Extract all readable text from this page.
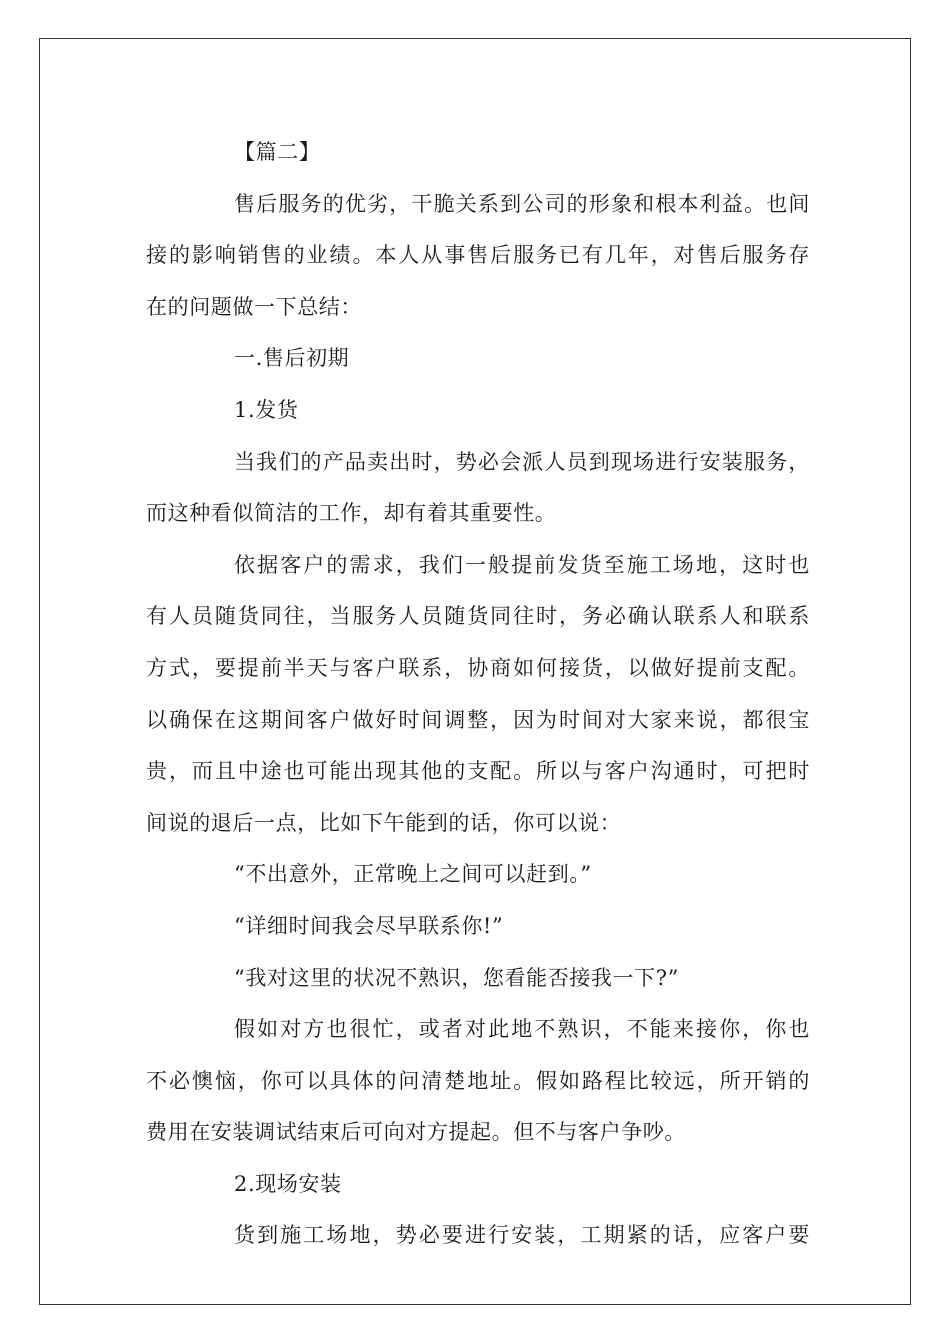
【篇二】
售后服务的优劣，干脆关系到公司的形象和根本利益。也间
接的影响销售的业绩。本人从事售后服务已有几年，对售后服务存
在的问题做一下总结：
一.售后初期
1.发货
当我们的产品卖出时，势必会派人员到现场进行安装服务，
而这种看似简洁的工作，却有着其重要性。
依据客户的需求，我们一般提前发货至施工场地，这时也
有人员随货同往，当服务人员随货同往时，务必确认联系人和联系
方式，要提前半天与客户联系，协商如何接货，以做好提前支配。
以确保在这期间客户做好时间调整，因为时间对大家来说，都很宝
贵，而且中途也可能出现其他的支配。所以与客户沟通时，可把时
间说的退后一点，比如下午能到的话，你可以说：
“不出意外，正常晚上之间可以赶到。”
“详细时间我会尽早联系你!”
“我对这里的状况不熟识，您看能否接我一下?”
假如对方也很忙，或者对此地不熟识，不能来接你，你也
不必懊恼，你可以具体的问清楚地址。假如路程比较远，所开销的
费用在安装调试结束后可向对方提起。但不与客户争吵。
2.现场安装
货到施工场地，势必要进行安装，工期紧的话，应客户要
